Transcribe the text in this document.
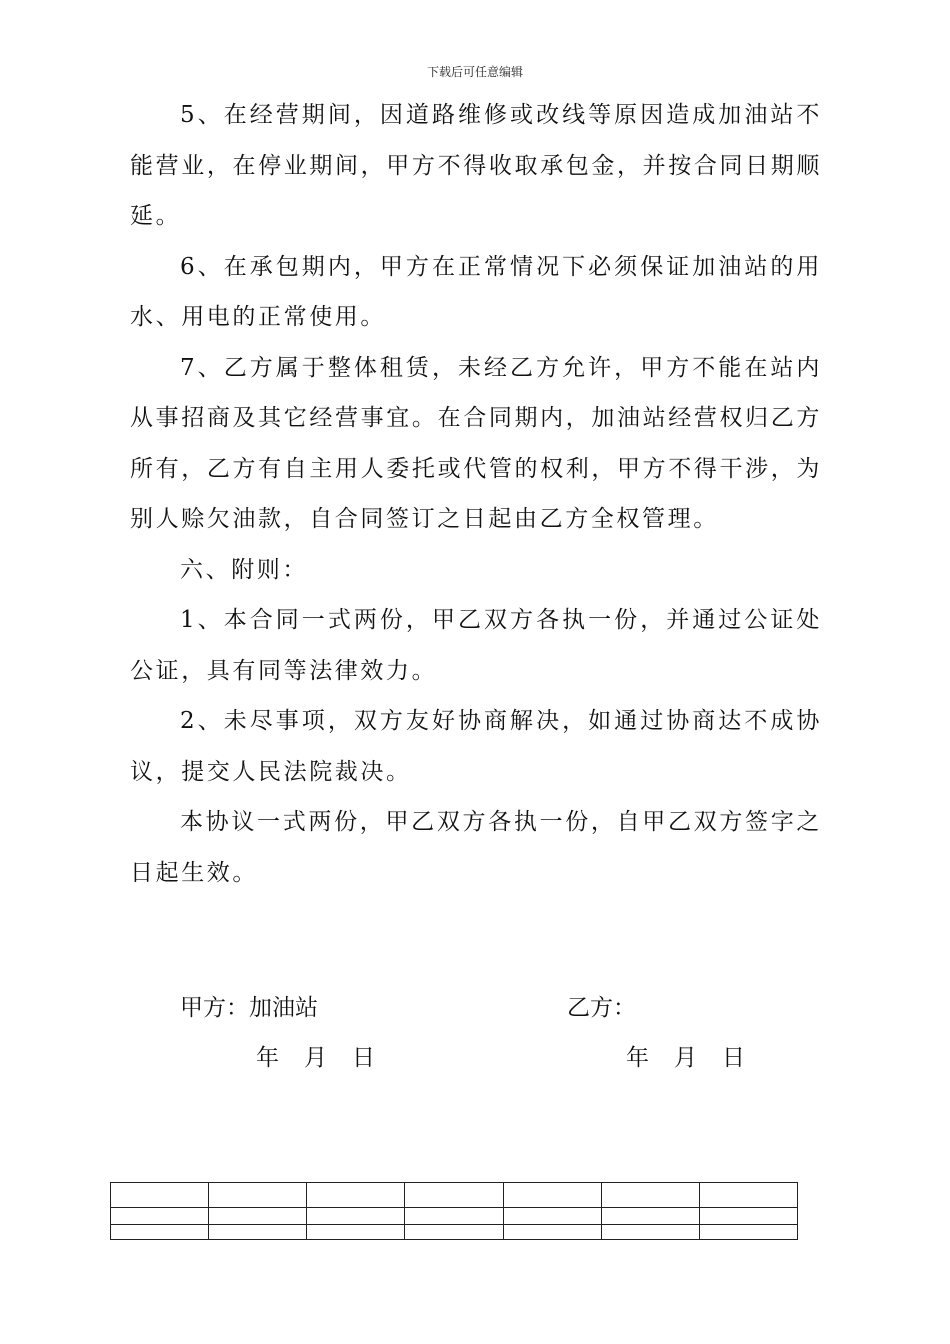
下载后可任意编辑

5、在经营期间，因道路维修或改线等原因造成加油站不能营业，在停业期间，甲方不得收取承包金，并按合同日期顺延。

6、在承包期内，甲方在正常情况下必须保证加油站的用水、用电的正常使用。

7、乙方属于整体租赁，未经乙方允许，甲方不能在站内从事招商及其它经营事宜。在合同期内，加油站经营权归乙方所有，乙方有自主用人委托或代管的权利，甲方不得干涉，为别人赊欠油款，自合同签订之日起由乙方全权管理。

六、附则：

1、本合同一式两份，甲乙双方各执一份，并通过公证处公证，具有同等法律效力。

2、未尽事项，双方友好协商解决，如通过协商达不成协议，提交人民法院裁决。

本协议一式两份，甲乙双方各执一份，自甲乙双方签字之日起生效。

甲方：加油站	乙方：
年 月 日	年 月 日
